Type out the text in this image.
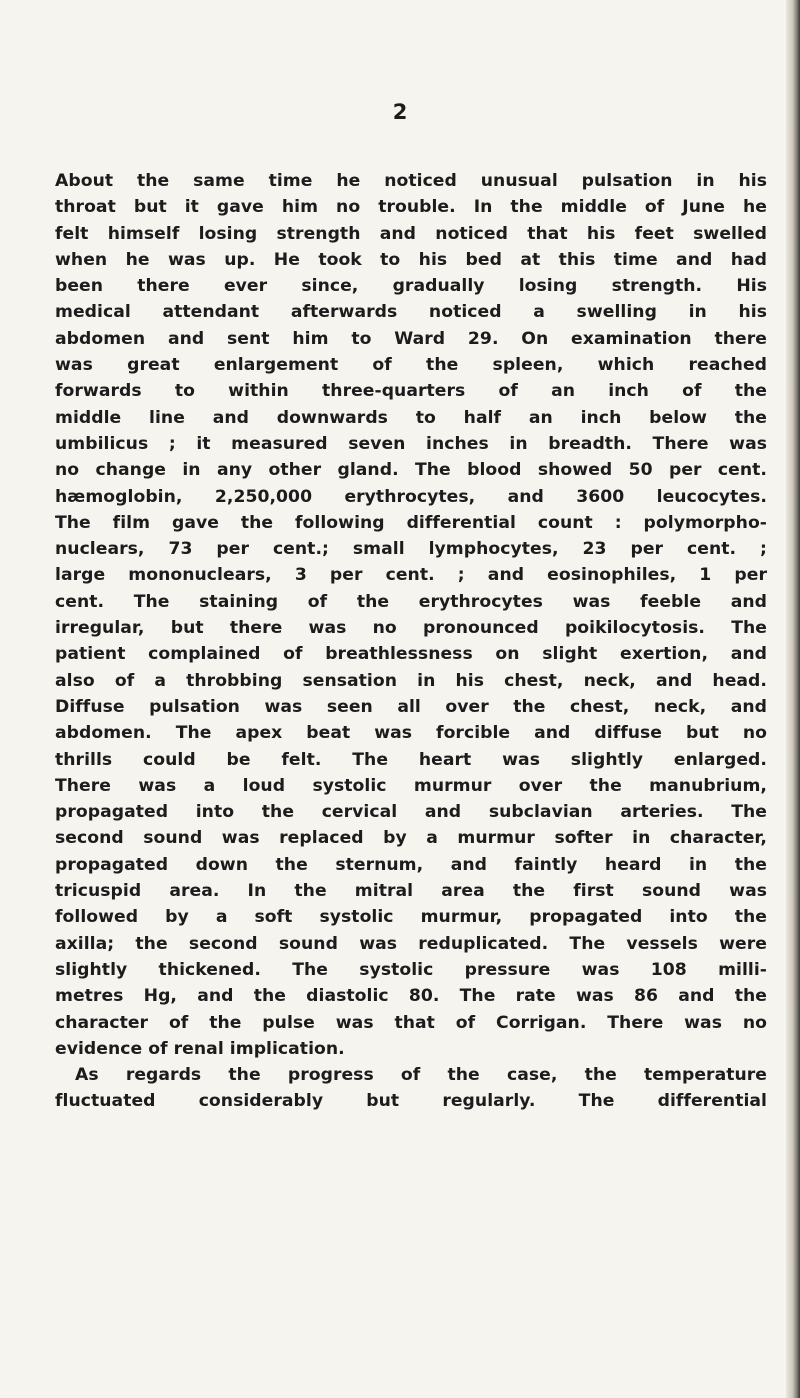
2
About the same time he noticed unusual pulsation in his
throat but it gave him no trouble. In the middle of June he
felt himself losing strength and noticed that his feet swelled
when he was up. He took to his bed at this time and had
been there ever since, gradually losing strength. His
medical attendant afterwards noticed a swelling in his
abdomen and sent him to Ward 29. On examination there
was great enlargement of the spleen, which reached
forwards to within three-quarters of an inch of the
middle line and downwards to half an inch below the
umbilicus ; it measured seven inches in breadth. There was
no change in any other gland. The blood showed 50 per cent.
hæmoglobin, 2,250,000 erythrocytes, and 3600 leucocytes.
The film gave the following differential count : polymorpho-
nuclears, 73 per cent.; small lymphocytes, 23 per cent. ;
large mononuclears, 3 per cent. ; and eosinophiles, 1 per
cent. The staining of the erythrocytes was feeble and
irregular, but there was no pronounced poikilocytosis. The
patient complained of breathlessness on slight exertion, and
also of a throbbing sensation in his chest, neck, and head.
Diffuse pulsation was seen all over the chest, neck, and
abdomen. The apex beat was forcible and diffuse but no
thrills could be felt. The heart was slightly enlarged.
There was a loud systolic murmur over the manubrium,
propagated into the cervical and subclavian arteries. The
second sound was replaced by a murmur softer in character,
propagated down the sternum, and faintly heard in the
tricuspid area. In the mitral area the first sound was
followed by a soft systolic murmur, propagated into the
axilla; the second sound was reduplicated. The vessels were
slightly thickened. The systolic pressure was 108 milli-
metres Hg, and the diastolic 80. The rate was 86 and the
character of the pulse was that of Corrigan. There was no
evidence of renal implication.
As regards the progress of the case, the temperature
fluctuated considerably but regularly. The differential
